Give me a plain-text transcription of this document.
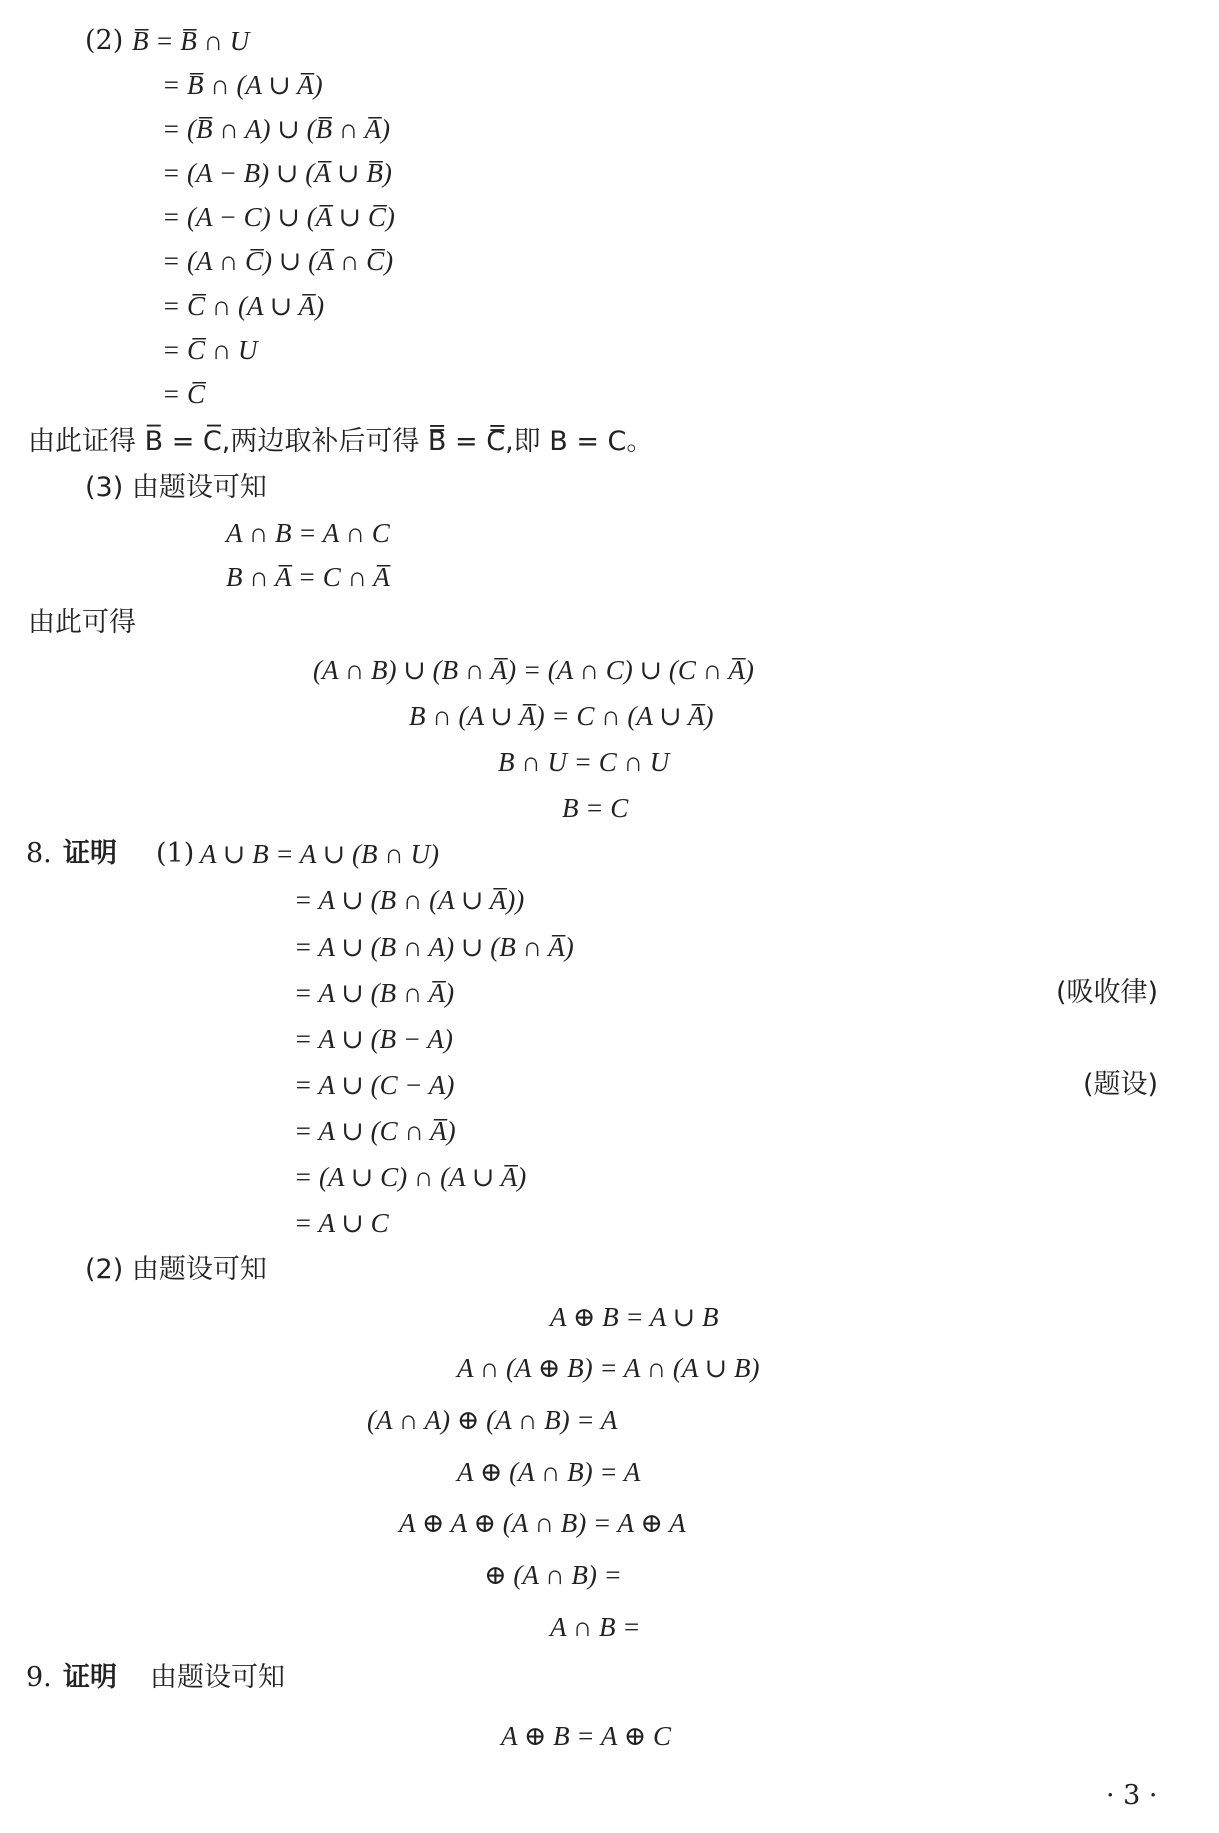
(2) B̅ = B̅ ∩ U
= B̅ ∩ (A ∪ A̅)
= (B̅ ∩ A) ∪ (B̅ ∩ A̅)
= (A − B) ∪ (A̅ ∪ B̅)
= (A − C) ∪ (A̅ ∪ C̅)
= (A ∩ C̅) ∪ (A̅ ∩ C̅)
= C̅ ∩ (A ∪ A̅)
= C̅ ∩ U
= C̅
由此证得 B̅ = C̅,两边取补后可得 B̿ = C̿,即 B = C。
(3) 由题设可知
A ∩ B = A ∩ C
B ∩ A̅ = C ∩ A̅
由此可得
(A ∩ B) ∪ (B ∩ A̅) = (A ∩ C) ∪ (C ∩ A̅)
B ∩ (A ∪ A̅) = C ∩ (A ∪ A̅)
B ∩ U = C ∩ U
B = C
8. 证明 (1) A ∪ B = A ∪ (B ∩ U)
= A ∪ (B ∩ (A ∪ A̅))
= A ∪ (B ∩ A) ∪ (B ∩ A̅)
= A ∪ (B ∩ A̅)	(吸收律)
= A ∪ (B − A)
= A ∪ (C − A)	(题设)
= A ∪ (C ∩ A̅)
= (A ∪ C) ∩ (A ∪ A̅)
= A ∪ C
(2) 由题设可知
A ⊕ B = A ∪ B
A ∩ (A ⊕ B) = A ∩ (A ∪ B)
(A ∩ A) ⊕ (A ∩ B) = A
A ⊕ (A ∩ B) = A
A ⊕ A ⊕ (A ∩ B) = A ⊕ A
⊕ (A ∩ B) =
A ∩ B =
9. 证明 由题设可知
A ⊕ B = A ⊕ C
· 3 ·
